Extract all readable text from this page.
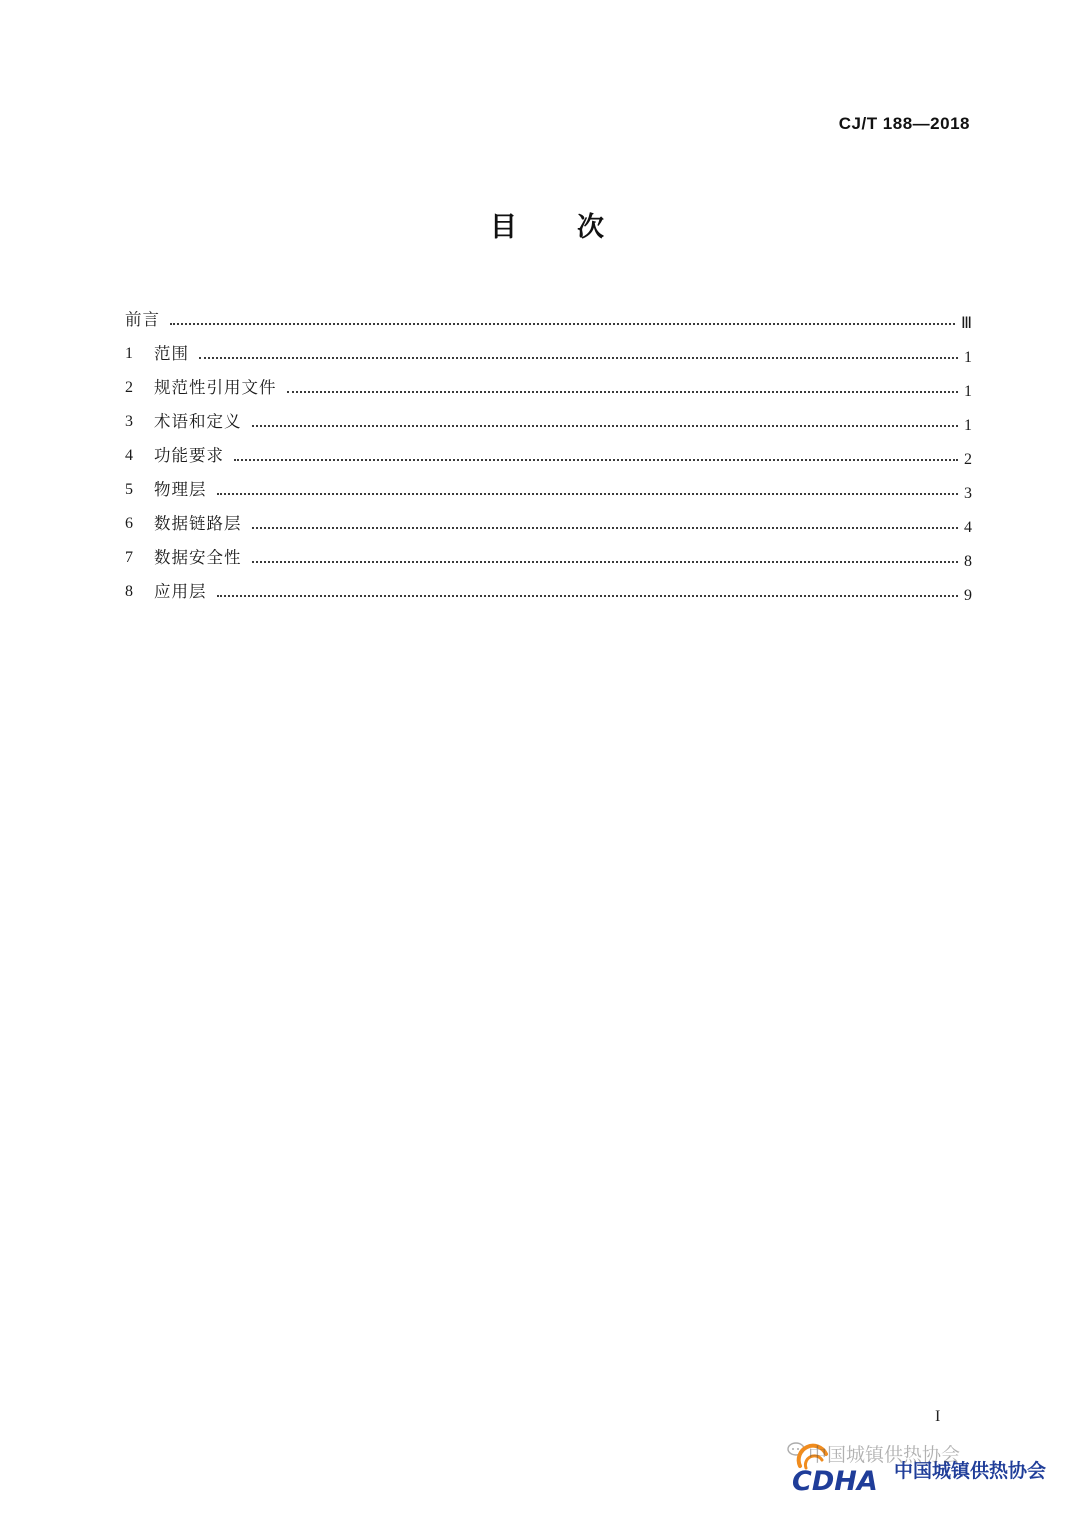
CJ/T 188—2018
目 次
前言	Ⅲ
1	范围	1
2	规范性引用文件	1
3	术语和定义	1
4	功能要求	2
5	物理层	3
6	数据链路层	4
7	数据安全性	8
8	应用层	9
I
CDHA 中国城镇供热协会
中国城镇供热协会
